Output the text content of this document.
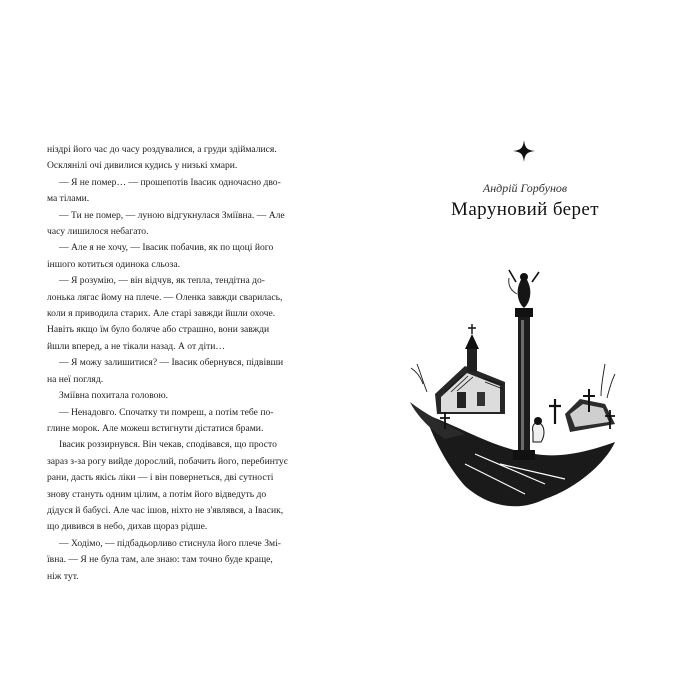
ніздрі його час до часу роздувалися, а груди здіймалися.
Осклянілі очі дивилися кудись у низькі хмари.
— Я не помер… — прошепотів Івасик одночасно дво-
ма тілами.
— Ти не помер, — луною відгукнулася Зміївна. — Але
часу лишилося небагато.
— Але я не хочу, — Івасик побачив, як по щоці його
іншого котиться одинока сльоза.
— Я розумію, — він відчув, як тепла, тендітна до-
лонька лягає йому на плече. — Оленка завжди сварилась,
коли я приводила старих. Але старі завжди йшли охоче.
Навіть якщо їм було боляче або страшно, вони завжди
йшли вперед, а не тікали назад. А от діти…
— Я можу залишитися? — Івасик обернувся, підвівши
на неї погляд.
Зміївна похитала головою.
— Ненадовго. Спочатку ти помреш, а потім тебе по-
глине морок. Але можеш встигнути дістатися брами.
Івасик роззирнувся. Він чекав, сподівався, що просто
зараз з-за рогу вийде дорослий, побачить його, перебинтує
рани, дасть якісь ліки — і він повернеться, дві сутності
знову стануть одним цілим, а потім його відведуть до
дідуся й бабусі. Але час ішов, ніхто не з'являвся, а Івасик,
що дивився в небо, дихав щораз рідше.
— Ходімо, — підбадьорливо стиснула його плече Змі-
ївна. — Я не була там, але знаю: там точно буде краще,
ніж тут.
Андрій Горбунов
Маруновий берет
